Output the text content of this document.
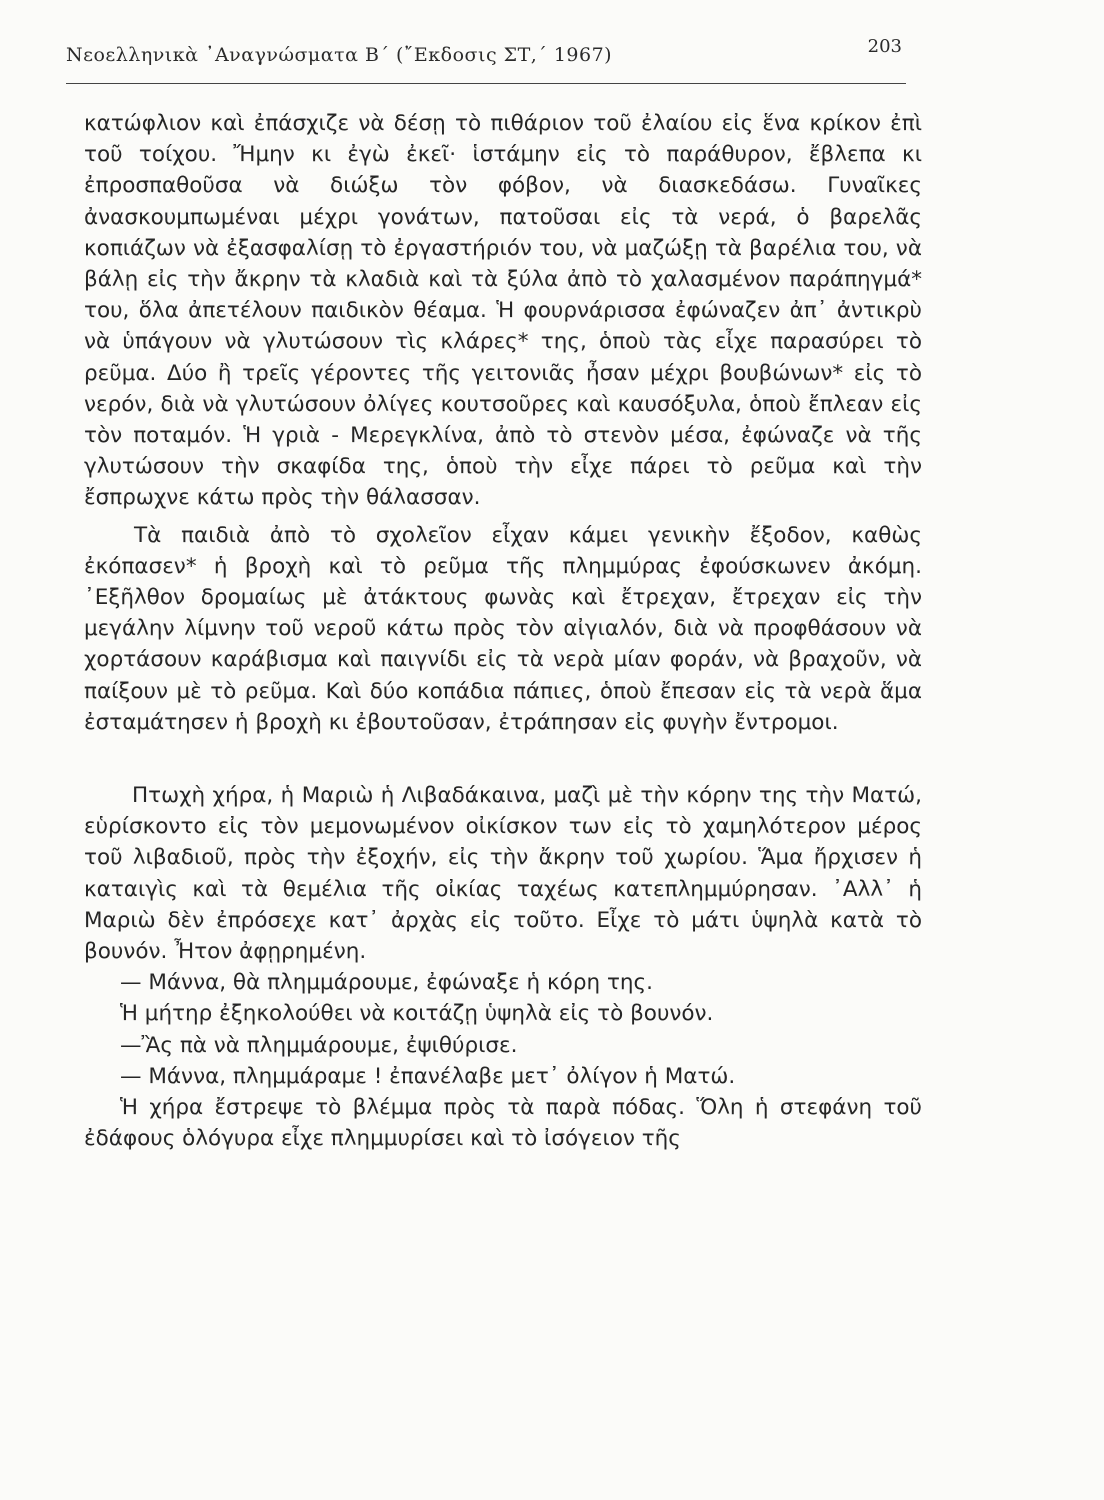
Νεοελληνικὰ ᾿Αναγνώσματα Β΄ (῎Εκδοσις ΣΤ,΄ 1967)	203

κατώφλιον καὶ ἐπάσχιζε νὰ δέσῃ τὸ πιθάριον τοῦ ἐλαίου εἰς ἕνα κρίκον ἐπὶ τοῦ τοίχου. Ἤμην κι ἐγὼ ἐκεῖ· ἱστάμην εἰς τὸ παράθυρον, ἔβλεπα κι ἐπροσπαθοῦσα νὰ διώξω τὸν φόβον, νὰ διασκεδάσω. Γυναῖκες ἀνασκουμπωμέναι μέχρι γονάτων, πατοῦσαι εἰς τὰ νερά, ὁ βαρελᾶς κοπιάζων νὰ ἐξασφαλίσῃ τὸ ἐργαστήριόν του, νὰ μαζώξῃ τὰ βαρέλια του, νὰ βάλῃ εἰς τὴν ἄκρην τὰ κλαδιὰ καὶ τὰ ξύλα ἀπὸ τὸ χαλασμένον παράπηγμά* του, ὅλα ἀπετέλουν παιδικὸν θέαμα. Ἡ φουρνάρισσα ἐφώναζεν ἀπ᾿ ἀντικρὺ νὰ ὑπάγουν νὰ γλυτώσουν τὶς κλάρες* της, ὁποὺ τὰς εἶχε παρασύρει τὸ ρεῦμα. Δύο ἢ τρεῖς γέροντες τῆς γειτονιᾶς ἦσαν μέχρι βουβώνων* εἰς τὸ νερόν, διὰ νὰ γλυτώσουν ὀλίγες κουτσοῦρες καὶ καυσόξυλα, ὁποὺ ἔπλεαν εἰς τὸν ποταμόν. Ἡ γριὰ - Μερεγκλίνα, ἀπὸ τὸ στενὸν μέσα, ἐφώναζε νὰ τῆς γλυτώσουν τὴν σκαφίδα της, ὁποὺ τὴν εἶχε πάρει τὸ ρεῦμα καὶ τὴν ἔσπρωχνε κάτω πρὸς τὴν θάλασσαν.

Τὰ παιδιὰ ἀπὸ τὸ σχολεῖον εἶχαν κάμει γενικὴν ἔξοδον, καθὼς ἐκόπασεν* ἡ βροχὴ καὶ τὸ ρεῦμα τῆς πλημμύρας ἐφούσκωνεν ἀκόμη. ᾿Εξῆλθον δρομαίως μὲ ἀτάκτους φωνὰς καὶ ἔτρεχαν, ἔτρεχαν εἰς τὴν μεγάλην λίμνην τοῦ νεροῦ κάτω πρὸς τὸν αἰγιαλόν, διὰ νὰ προφθάσουν νὰ χορτάσουν καράβισμα καὶ παιγνίδι εἰς τὰ νερὰ μίαν φοράν, νὰ βραχοῦν, νὰ παίξουν μὲ τὸ ρεῦμα. Καὶ δύο κοπάδια πάπιες, ὁποὺ ἔπεσαν εἰς τὰ νερὰ ἅμα ἐσταμάτησεν ἡ βροχὴ κι ἐβουτοῦσαν, ἐτράπησαν εἰς φυγὴν ἔντρομοι.

Πτωχὴ χήρα, ἡ Μαριὼ ἡ Λιβαδάκαινα, μαζὶ μὲ τὴν κόρην της τὴν Ματώ, εὑρίσκοντο εἰς τὸν μεμονωμένον οἰκίσκον των εἰς τὸ χαμηλότερον μέρος τοῦ λιβαδιοῦ, πρὸς τὴν ἐξοχήν, εἰς τὴν ἄκρην τοῦ χωρίου. Ἅμα ἤρχισεν ἡ καταιγὶς καὶ τὰ θεμέλια τῆς οἰκίας ταχέως κατεπλημμύρησαν. ᾿Αλλ᾿ ἡ Μαριὼ δὲν ἐπρόσεχε κατ᾿ ἀρχὰς εἰς τοῦτο. Εἶχε τὸ μάτι ὑψηλὰ κατὰ τὸ βουνόν. Ἦτον ἀφῃρημένη.

— Μάννα, θὰ πλημμάρουμε, ἐφώναξε ἡ κόρη της.

Ἡ μήτηρ ἐξηκολούθει νὰ κοιτάζῃ ὑψηλὰ εἰς τὸ βουνόν.

—Ἂς πὰ νὰ πλημμάρουμε, ἐψιθύρισε.

— Μάννα, πλημμάραμε ! ἐπανέλαβε μετ᾿ ὀλίγον ἡ Ματώ.

Ἡ χήρα ἔστρεψε τὸ βλέμμα πρὸς τὰ παρὰ πόδας. Ὅλη ἡ στεφάνη τοῦ ἐδάφους ὁλόγυρα εἶχε πλημμυρίσει καὶ τὸ ἰσόγειον τῆς
